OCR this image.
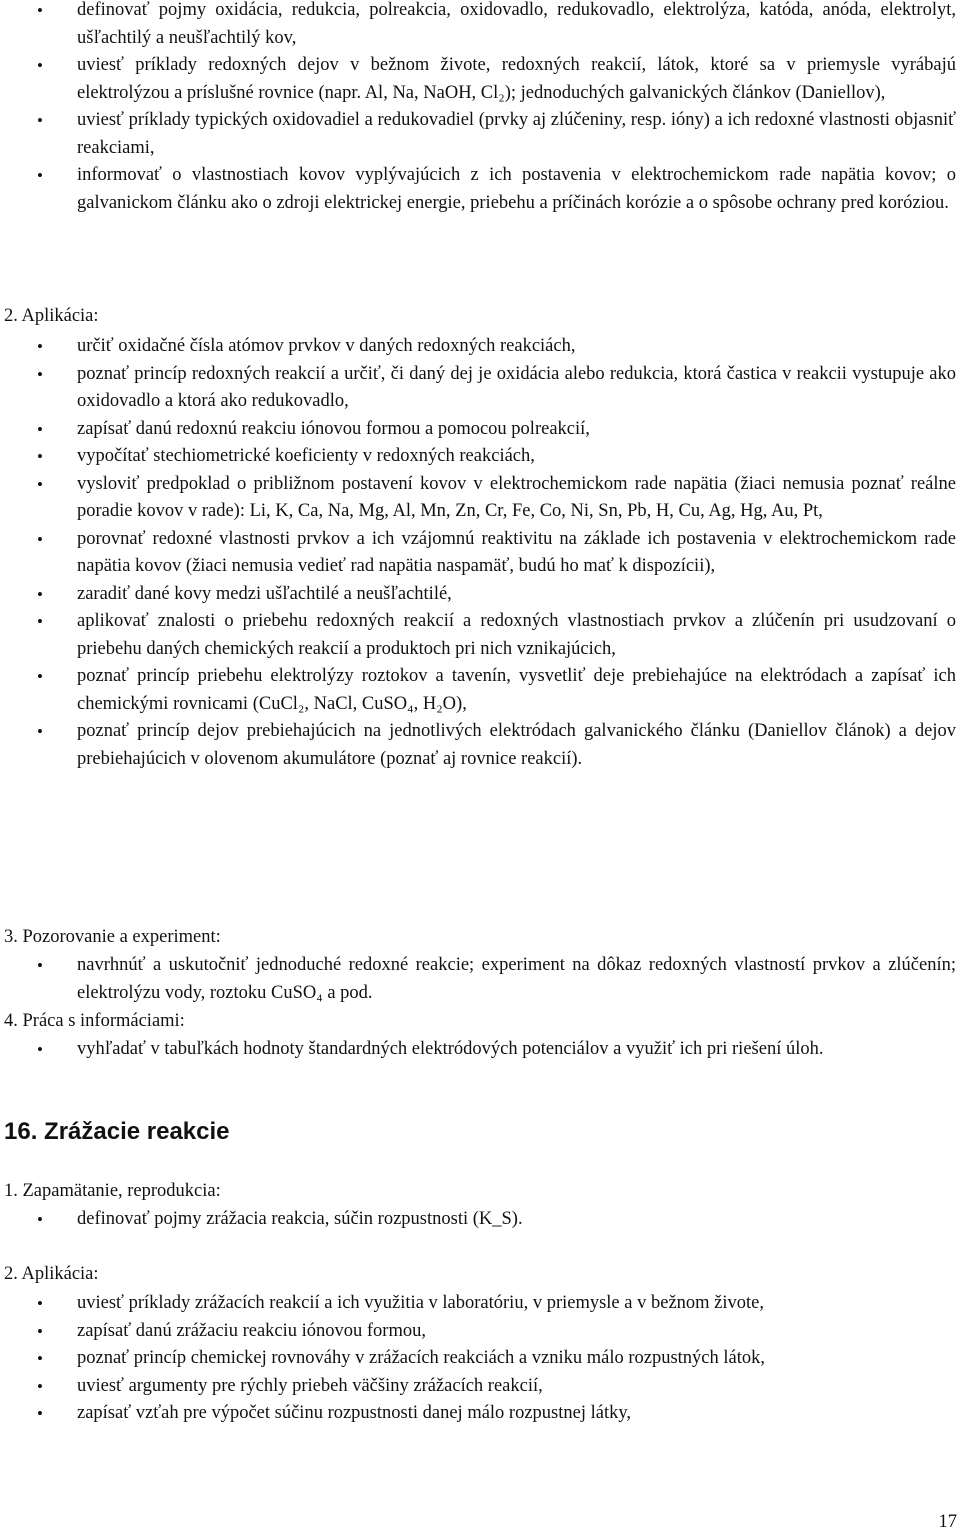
• definovať pojmy oxidácia, redukcia, polreakcia, oxidovadlo, redukovadlo, elektrolýza, katóda, anóda, elektrolyt, ušľachtilý a neušľachtilý kov,
• uviesť príklady redoxných dejov v bežnom živote, redoxných reakcií, látok, ktoré sa v priemysle vyrábajú elektrolýzou a príslušné rovnice (napr. Al, Na, NaOH, Cl₂); jednoduchých galvanických článkov (Daniellov),
• uviesť príklady typických oxidovadiel a redukovadiel (prvky aj zlúčeniny, resp. ióny) a ich redoxné vlastnosti objasniť reakciami,
• informovať o vlastnostiach kovov vyplývajúcich z ich postavenia v elektrochemickom rade napätia kovov; o galvanickom článku ako o zdroji elektrickej energie, priebehu a príčinách korózie a o spôsobe ochrany pred koróziou.
2. Aplikácia:
• určiť oxidačné čísla atómov prvkov v daných redoxných reakciách,
• poznať princíp redoxných reakcií a určiť, či daný dej je oxidácia alebo redukcia, ktorá častica v reakcii vystupuje ako oxidovadlo a ktorá ako redukovadlo,
• zapísať danú redoxnú reakciu iónovou formou a pomocou polreakcií,
• vypočítať stechiometrické koeficienty v redoxných reakciách,
• vysloviť predpoklad o približnom postavení kovov v elektrochemickom rade napätia (žiaci nemusia poznať reálne poradie kovov v rade): Li, K, Ca, Na, Mg, Al, Mn, Zn, Cr, Fe, Co, Ni, Sn, Pb, H, Cu, Ag, Hg, Au, Pt,
• porovnať redoxné vlastnosti prvkov a ich vzájomnú reaktivitu na základe ich postavenia v elektrochemickom rade napätia kovov (žiaci nemusia vedieť rad napätia naspamäť, budú ho mať k dispozícii),
• zaradiť dané kovy medzi ušľachtilé a neušľachtilé,
• aplikovať znalosti o priebehu redoxných reakcií a redoxných vlastnostiach prvkov a zlúčenín pri usudzovaní o priebehu daných chemických reakcií a produktoch pri nich vznikajúcich,
• poznať princíp priebehu elektrolýzy roztokov a tavenín, vysvetliť deje prebiehajúce na elektródach a zapísať ich chemickými rovnicami (CuCl₂, NaCl, CuSO₄, H₂O),
• poznať princíp dejov prebiehajúcich na jednotlivých elektródach galvanického článku (Daniellov článok) a dejov prebiehajúcich v olovenom akumulátore (poznať aj rovnice reakcií).
3. Pozorovanie a experiment:
• navrhnúť a uskutočniť jednoduché redoxné reakcie; experiment na dôkaz redoxných vlastností prvkov a zlúčenín; elektrolýzu vody, roztoku CuSO₄ a pod.
4. Práca s informáciami:
• vyhľadať v tabuľkách hodnoty štandardných elektródových potenciálov a využiť ich pri riešení úloh.
16. Zrážacie reakcie
1. Zapamätanie, reprodukcia:
• definovať pojmy zrážacia reakcia, súčin rozpustnosti (K_S).
2. Aplikácia:
• uviesť príklady zrážacích reakcií a ich využitia v laboratóriu, v priemysle a v bežnom živote,
• zapísať danú zrážaciu reakciu iónovou formou,
• poznať princíp chemickej rovnováhy v zrážacích reakciách a vzniku málo rozpustných látok,
• uviesť argumenty pre rýchly priebeh väčšiny zrážacích reakcií,
• zapísať vzťah pre výpočet súčinu rozpustnosti danej málo rozpustnej látky,
17
